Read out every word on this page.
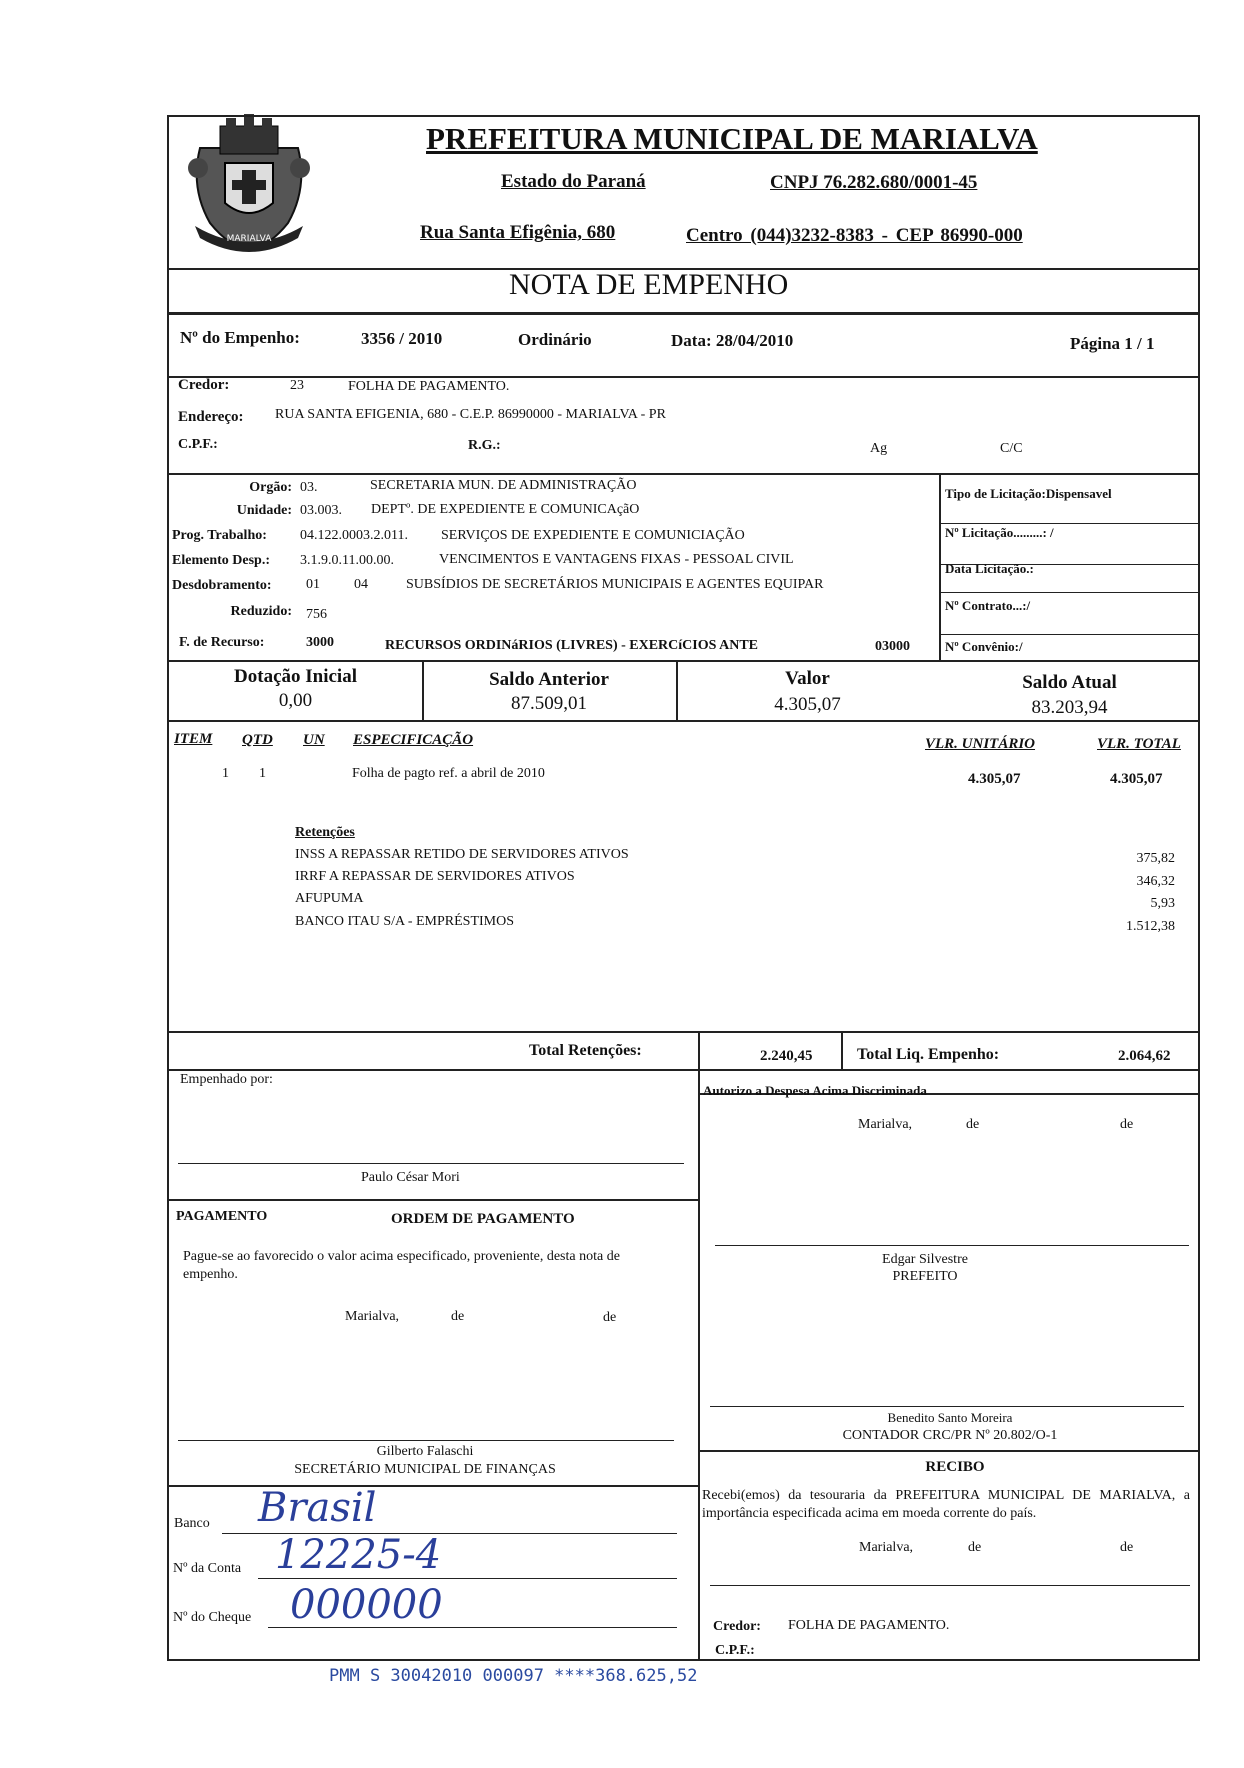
MARIALVA
PREFEITURA MUNICIPAL DE MARIALVA
Estado do Paraná	CNPJ 76.282.680/0001-45
Rua Santa Efigênia, 680	Centro (044)3232-8383 - CEP 86990-000
NOTA DE EMPENHO
Nº do Empenho:	3356 / 2010	Ordinário	Data: 28/04/2010	Página 1 / 1
Credor:	23	FOLHA DE PAGAMENTO.
Endereço: RUA SANTA EFIGENIA, 680 - C.E.P. 86990000 - MARIALVA - PR
C.P.F.:	R.G.:	Ag	C/C
Orgão: 03.	SECRETARIA MUN. DE ADMINISTRAÇÃO
Unidade: 03.003. DEPTº. DE EXPEDIENTE E COMUNICAçãO
Prog. Trabalho: 04.122.0003.2.011. SERVIÇOS DE EXPEDIENTE E COMUNICIAÇÃO
Elemento Desp.: 3.1.9.0.11.00.00.	VENCIMENTOS E VANTAGENS FIXAS - PESSOAL CIVIL
Desdobramento: 01 04	SUBSÍDIOS DE SECRETÁRIOS MUNICIPAIS E AGENTES EQUIPAR
Reduzido: 756
F. de Recurso:	3000	RECURSOS ORDINáRIOS (LIVRES) - EXERCíCIOS ANTE	03000
Tipo de Licitação:Dispensavel
Nº Licitação.........: /
Data Licitação.:
Nº Contrato...:/
Nº Convênio:/
Dotação Inicial
0,00
Saldo Anterior
87.509,01
Valor
4.305,07
Saldo Atual
83.203,94
ITEM QTD UN ESPECIFICAÇÃO	VLR. UNITÁRIO	VLR. TOTAL
1 1	Folha de pagto ref. a abril de 2010	4.305,07	4.305,07
Retenções
INSS A REPASSAR RETIDO DE SERVIDORES ATIVOS	375,82
IRRF A REPASSAR DE SERVIDORES ATIVOS	346,32
AFUPUMA	5,93
BANCO ITAU S/A - EMPRÉSTIMOS	1.512,38
Total Retenções:	2.240,45	Total Liq. Empenho:	2.064,62
Empenhado por:
Paulo César Mori
Autorizo a Despesa Acima Discriminada
Marialva,	de	de
PAGAMENTO	ORDEM DE PAGAMENTO
Pague-se ao favorecido o valor acima especificado, proveniente, desta nota de empenho.
Marialva,	de	de
Edgar Silvestre
PREFEITO
Benedito Santo Moreira
CONTADOR CRC/PR Nº 20.802/O-1
Gilberto Falaschi
SECRETÁRIO MUNICIPAL DE FINANÇAS	RECIBO
Recebi(emos) da tesouraria da PREFEITURA MUNICIPAL DE MARIALVA, a importância especificada acima em moeda corrente do país.
Marialva,	de	de
Credor: FOLHA DE PAGAMENTO.
C.P.F.:
Banco Brasil
Nº da Conta 12225-4
Nº do Cheque 000000
PMM S 30042010 000097 ****368.625,52
